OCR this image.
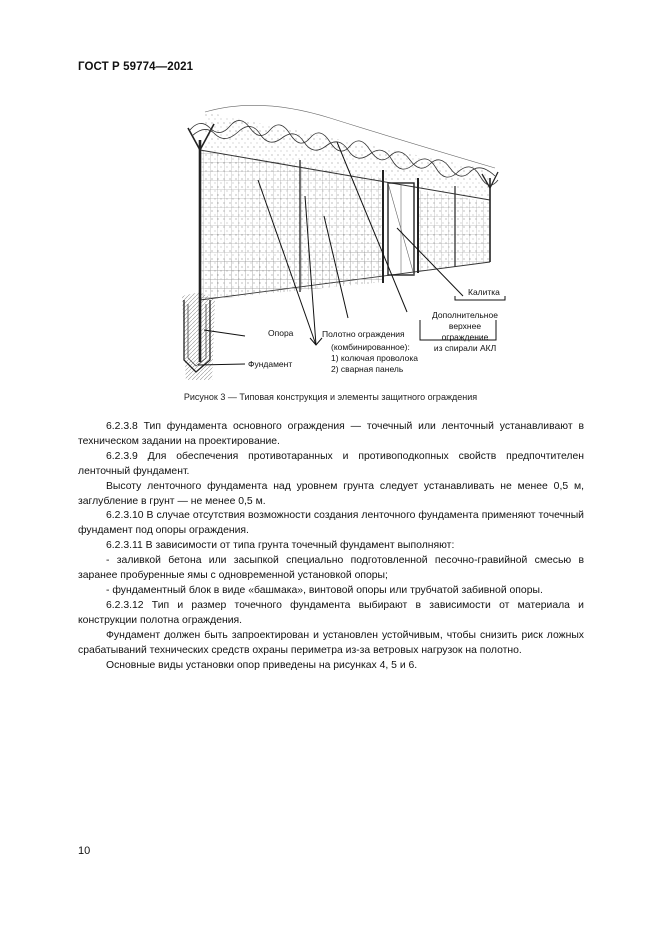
ГОСТ Р 59774—2021
Калитка
Дополнительное
верхнее
ограждение
из спирали АКЛ
Опора	Полотно ограждения
(комбинированное):
1) колючая проволока
2) сварная панель
Фундамент
Рисунок 3 — Типовая конструкция и элементы защитного ограждения

6.2.3.8 Тип фундамента основного ограждения — точечный или ленточный устанавливают в техническом задании на проектирование.

6.2.3.9 Для обеспечения противотаранных и противоподкопных свойств предпочтителен ленточный фундамент.

Высоту ленточного фундамента над уровнем грунта следует устанавливать не менее 0,5 м, заглубление в грунт — не менее 0,5 м.

6.2.3.10 В случае отсутствия возможности создания ленточного фундамента применяют точечный фундамент под опоры ограждения.

6.2.3.11 В зависимости от типа грунта точечный фундамент выполняют:

- заливкой бетона или засыпкой специально подготовленной песочно-гравийной смесью в заранее пробуренные ямы с одновременной установкой опоры;

- фундаментный блок в виде «башмака», винтовой опоры или трубчатой забивной опоры.

6.2.3.12 Тип и размер точечного фундамента выбирают в зависимости от материала и конструкции полотна ограждения.

Фундамент должен быть запроектирован и установлен устойчивым, чтобы снизить риск ложных срабатываний технических средств охраны периметра из-за ветровых нагрузок на полотно.

Основные виды установки опор приведены на рисунках 4, 5 и 6.

10
